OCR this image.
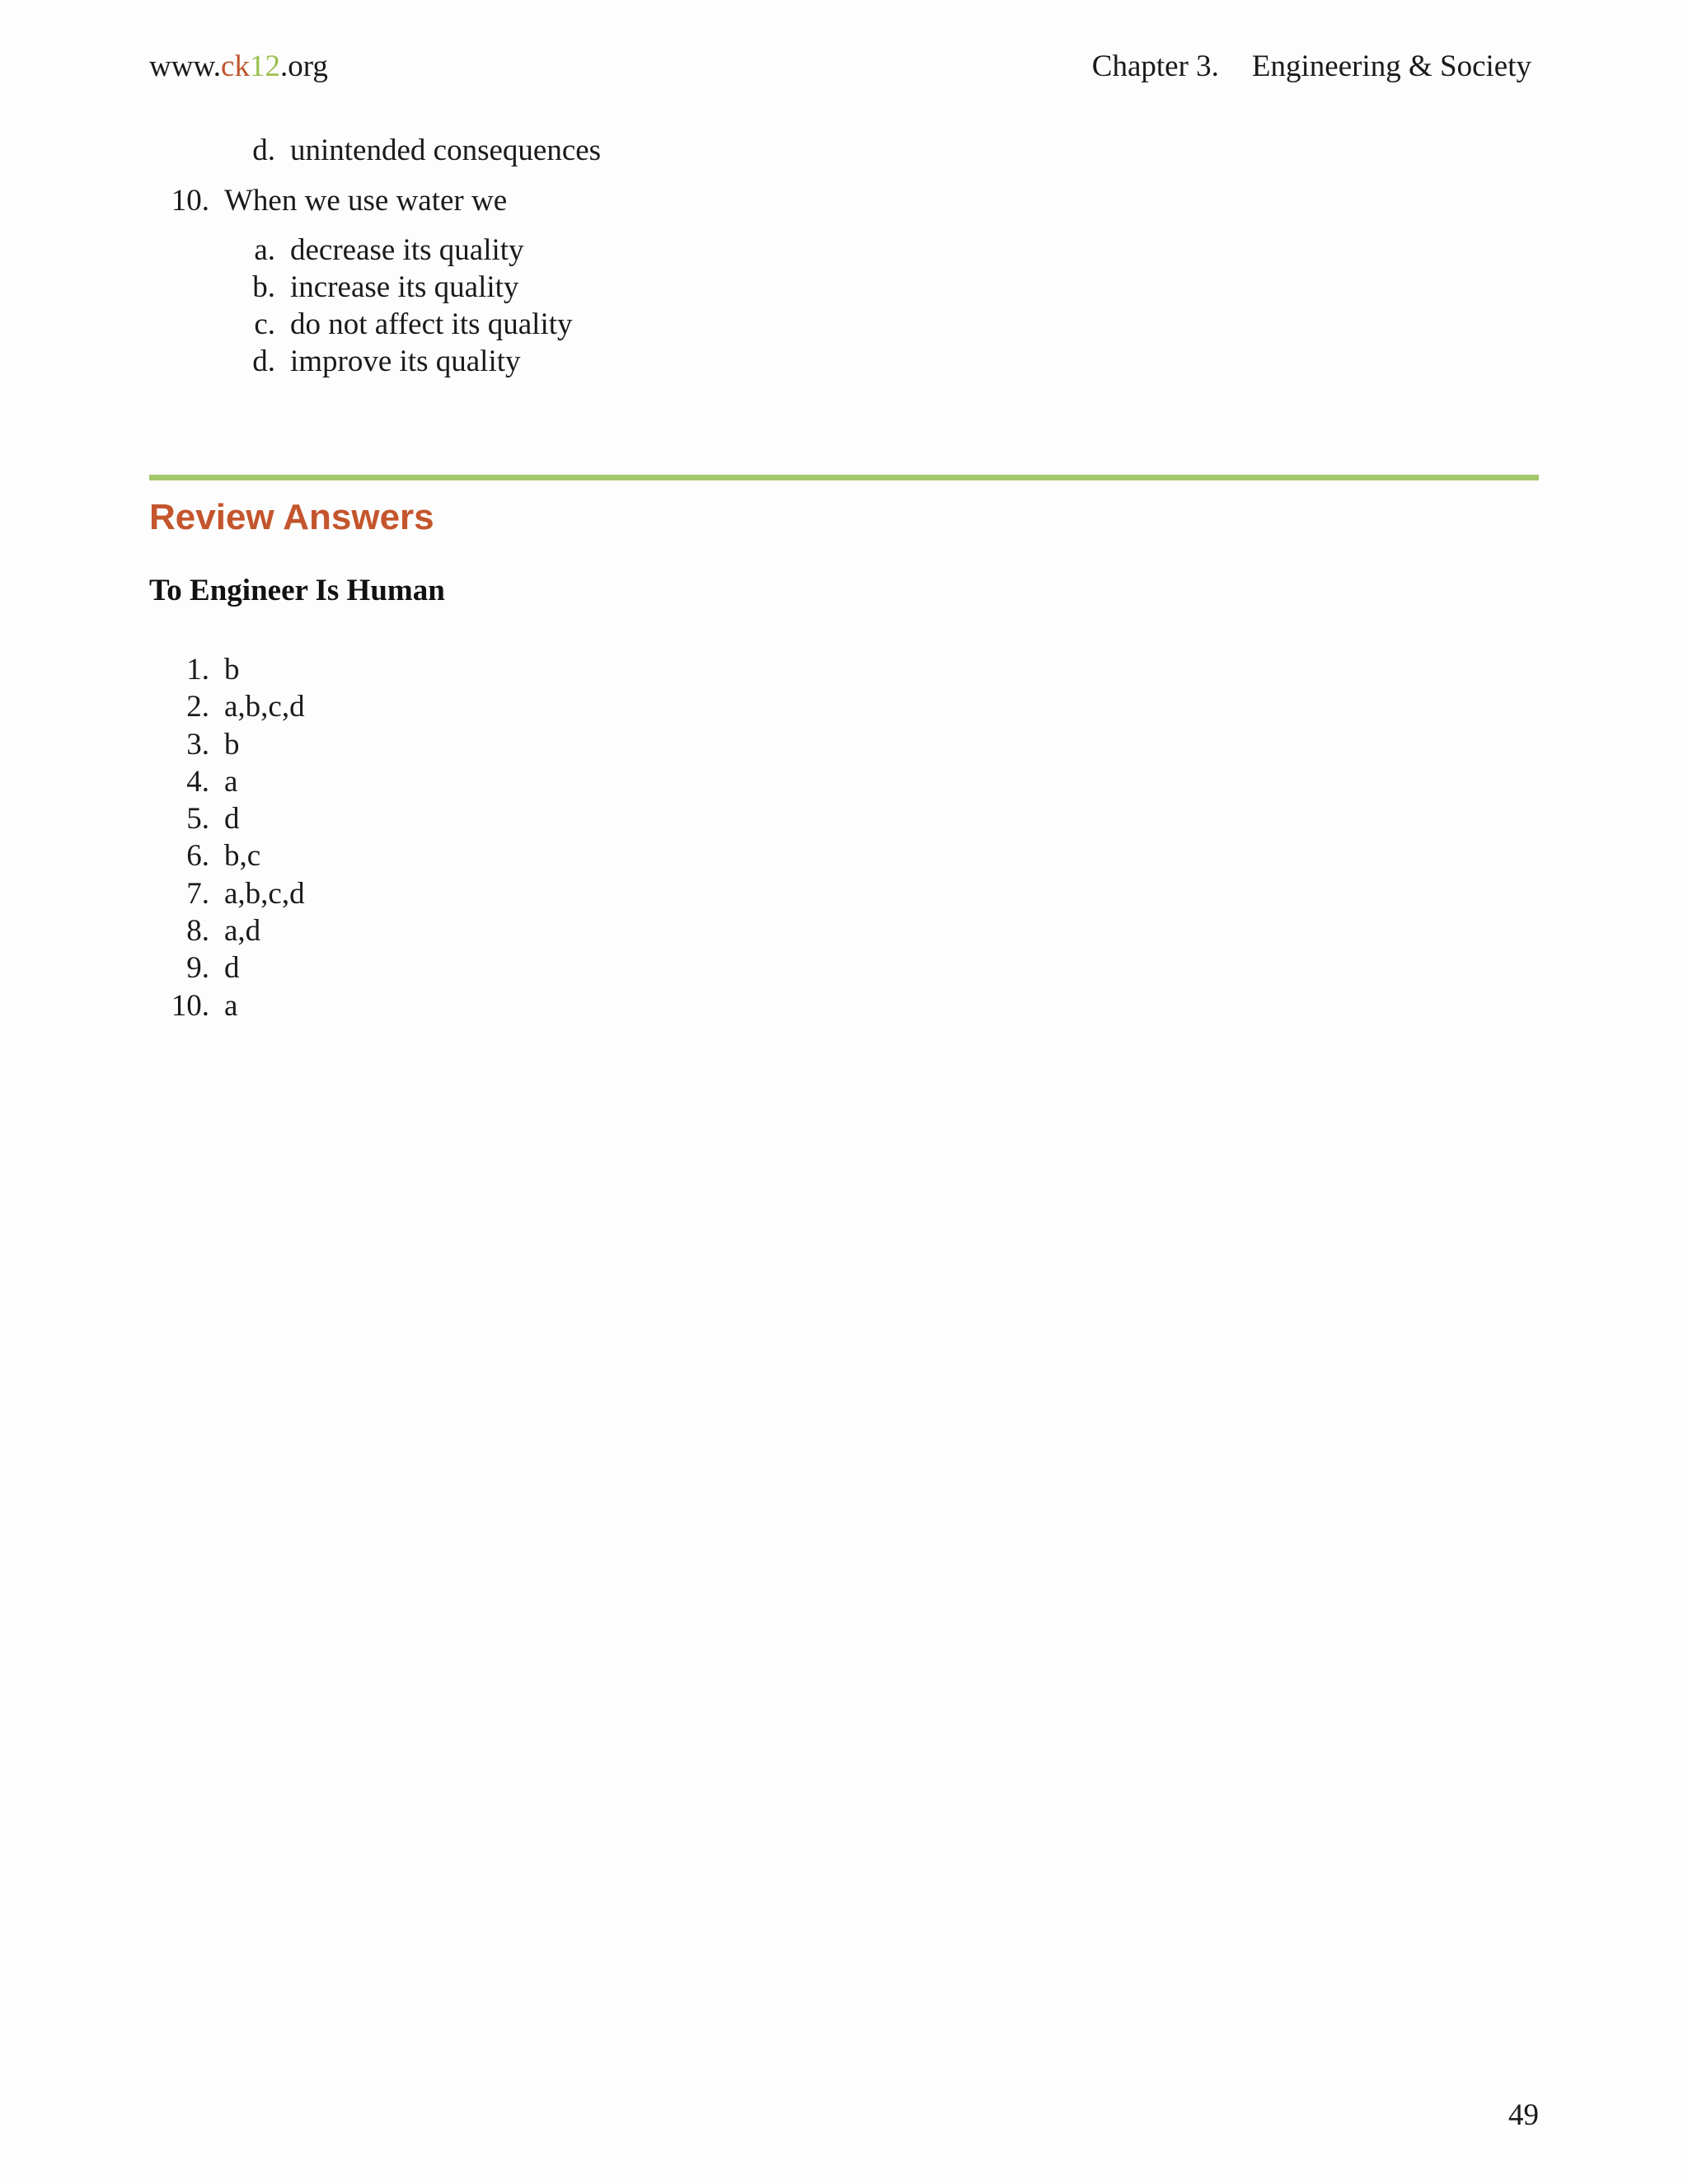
www.ck12.org	Chapter 3. Engineering & Society
d. unintended consequences
10. When we use water we
a. decrease its quality
b. increase its quality
c. do not affect its quality
d. improve its quality
Review Answers
To Engineer Is Human
1. b
2. a,b,c,d
3. b
4. a
5. d
6. b,c
7. a,b,c,d
8. a,d
9. d
10. a
49
